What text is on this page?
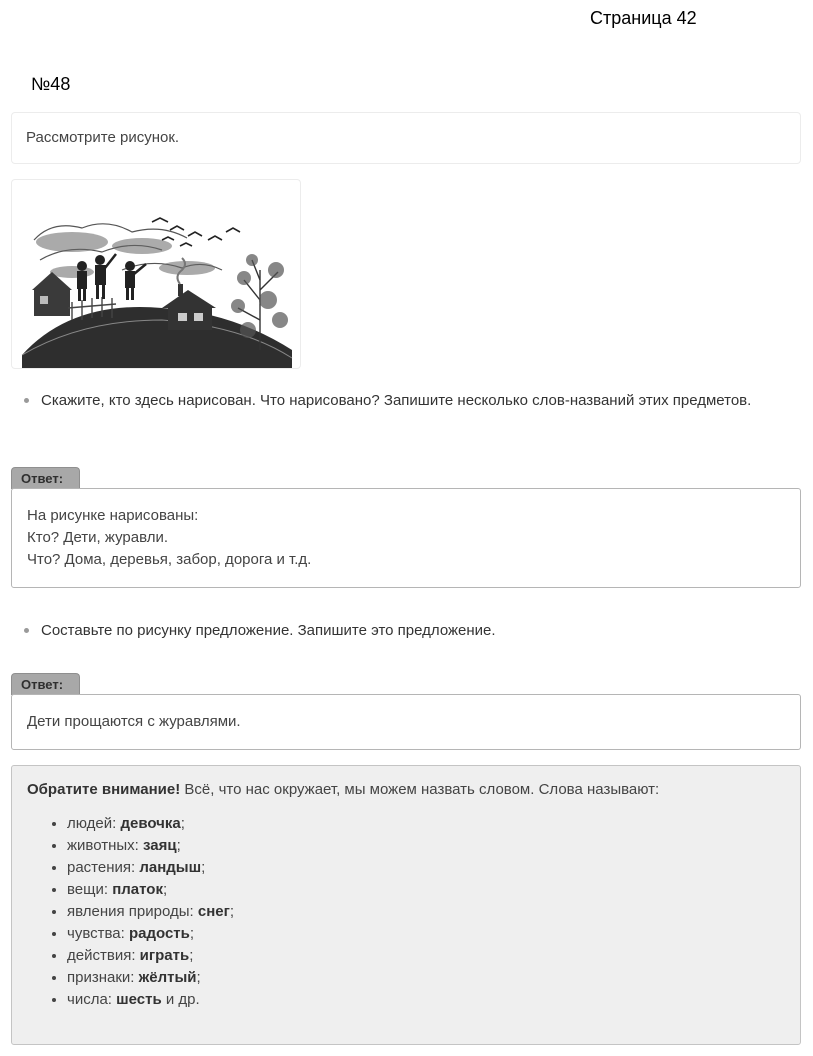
Страница 42
№48
Рассмотрите рисунок.
Скажите, кто здесь нарисован. Что нарисовано? Запишите несколько слов-названий этих предметов.
Ответ:
На рисунке нарисованы:
Кто? Дети, журавли.
Что? Дома, деревья, забор, дорога и т.д.
Составьте по рисунку предложение. Запишите это предложение.
Ответ:
Дети прощаются с журавлями.
Обратите внимание! Всё, что нас окружает, мы можем назвать словом. Слова называют:
• людей: девочка;
• животных: заяц;
• растения: ландыш;
• вещи: платок;
• явления природы: снег;
• чувства: радость;
• действия: играть;
• признаки: жёлтый;
• числа: шесть и др.
